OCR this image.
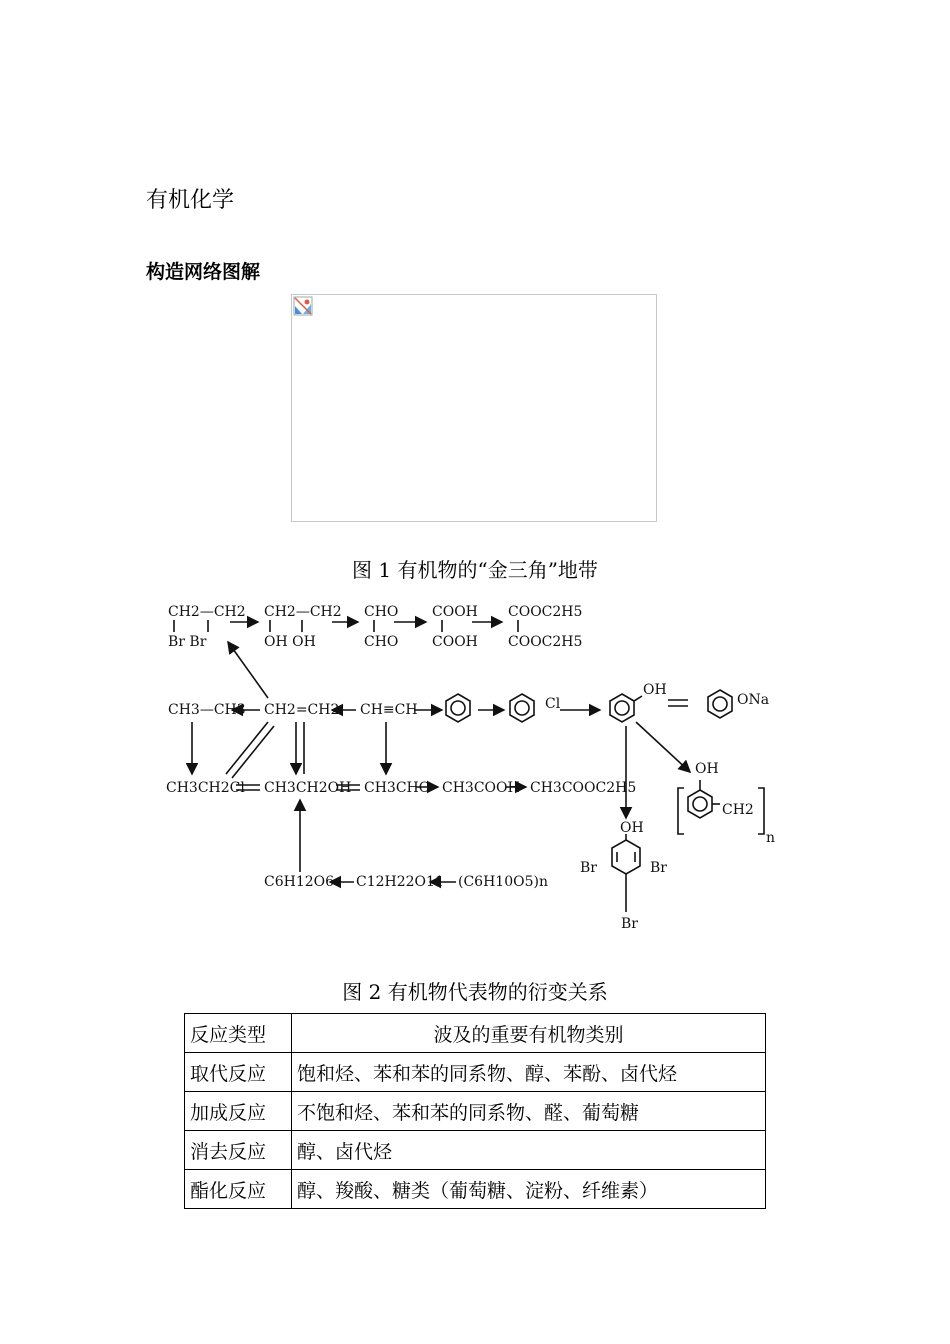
有机化学
构造网络图解
图 1 有机物的“金三角”地带
CH2—CH2
Br Br
CH2—CH2
OH OH
CHO
CHO
COOH
COOH
COOC2H5
COOC2H5
CH3—CH3 CH2=CH2 CH≡CH	Cl
OH
ONa
CH3CH2Cl CH3CH2OH CH3CHO CH3COOH CH3COOC2H5
OH
CH2
n
OH
Br	Br
Br
C6H12O6 C12H22O11 (C6H10O5)n
图 2 有机物代表物的衍变关系
反应类型	波及的重要有机物类别
取代反应	饱和烃、苯和苯的同系物、醇、苯酚、卤代烃
加成反应	不饱和烃、苯和苯的同系物、醛、葡萄糖
消去反应	醇、卤代烃
酯化反应	醇、羧酸、糖类（葡萄糖、淀粉、纤维素）
